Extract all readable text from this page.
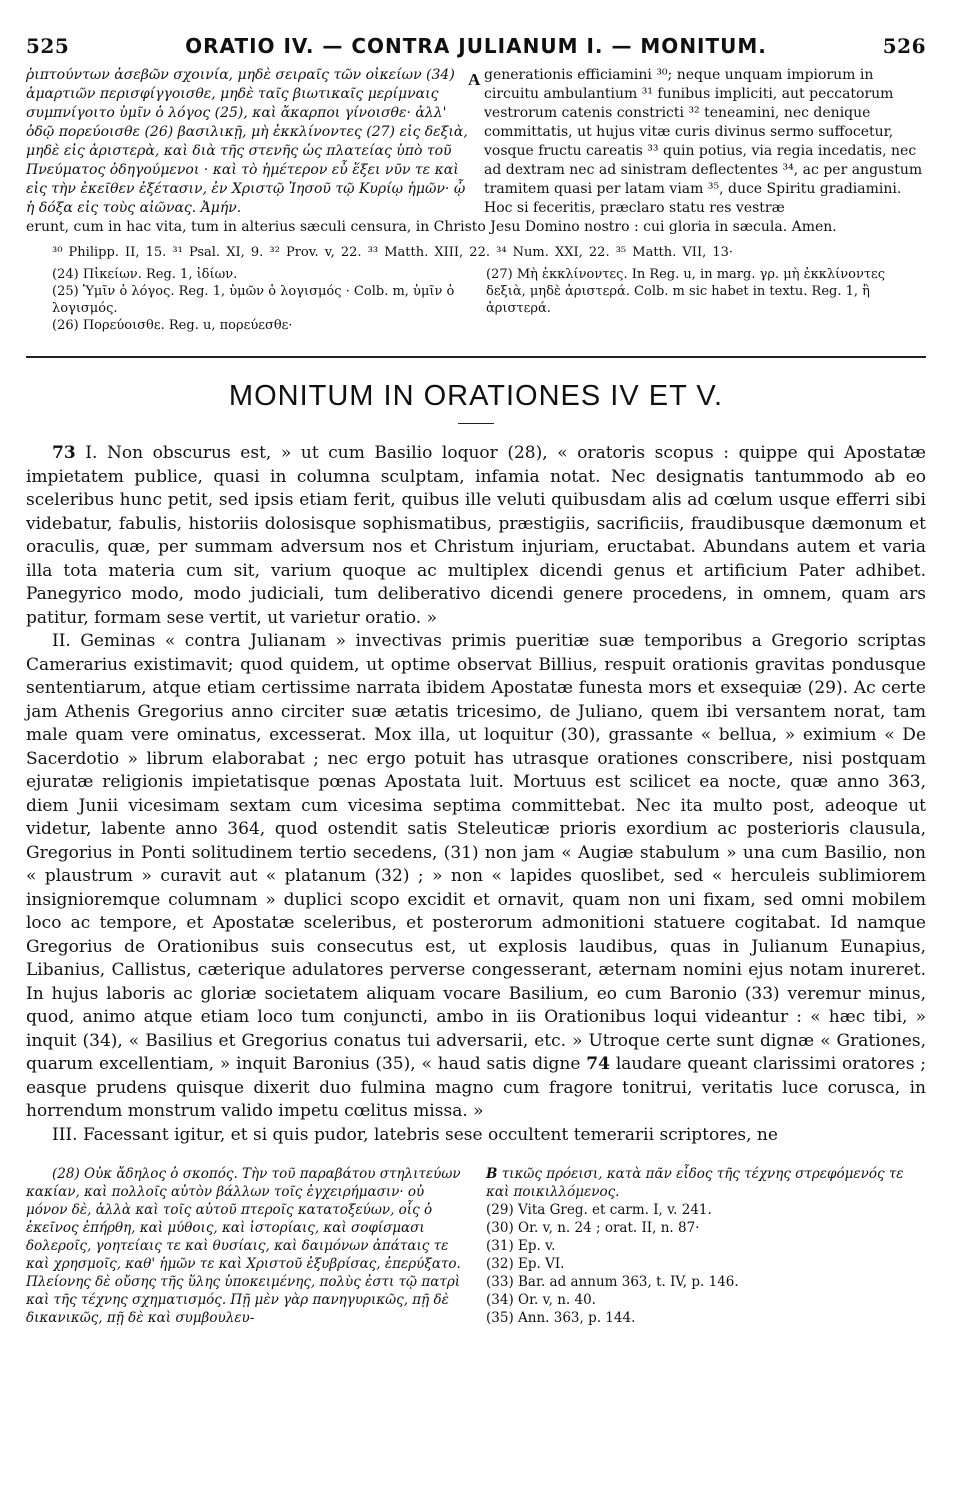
525	ORATIO IV. — CONTRA JULIANUM I. — MONITUM.	526

ῥιπτούντων ἀσεβῶν σχοινία, μηδὲ σειραῖς τῶν οἰκείων (34) ἁμαρτιῶν περισφίγγοισθε, μηδὲ ταῖς βιωτικαῖς μερίμναις συμπνίγοιτο ὑμῖν ὁ λόγος (25), καὶ ἄκαρποι γίνοισθε· ἀλλ' ὁδῷ πορεύοισθε (26) βασιλικῇ, μὴ ἐκκλίνοντες (27) εἰς δεξιὰ, μηδὲ εἰς ἀριστερὰ, καὶ διὰ τῆς στενῆς ὡς πλατείας ὑπὸ τοῦ Πνεύματος ὁδηγούμενοι · καὶ τὸ ἡμέτερον εὖ ἕξει νῦν τε καὶ εἰς τὴν ἐκεῖθεν ἐξέτασιν, ἐν Χριστῷ Ἰησοῦ τῷ Κυρίῳ ἡμῶν· ᾧ ἡ δόξα εἰς τοὺς αἰῶνας. Ἀμήν.

A generationis efficiamini ³⁰; neque unquam impiorum in circuitu ambulantium ³¹ funibus impliciti, aut peccatorum vestrorum catenis constricti ³² teneamini, nec denique committatis, ut hujus vitæ curis divinus sermo suffocetur, vosque fructu careatis ³³ quin potius, via regia incedatis, nec ad dextram nec ad sinistram deflectentes ³⁴, ac per angustum tramitem quasi per latam viam ³⁵, duce Spiritu gradiamini. Hoc si feceritis, præclaro statu res vestræ

erunt, cum in hac vita, tum in alterius sæculi censura, in Christo Jesu Domino nostro : cui gloria in sæcula. Amen.

³⁰ Philipp. II, 15. ³¹ Psal. XI, 9. ³² Prov. v, 22. ³³ Matth. XIII, 22. ³⁴ Num. XXI, 22. ³⁵ Matth. VII, 13·
(24) Πἰκείων. Reg. 1, ἰδίων.
(25) Ὑμῖν ὁ λόγος. Reg. 1, ὑμῶν ὁ λογισμός · Colb. m, ὑμῖν ὁ λογισμός.
(26) Πορεύοισθε. Reg. u, πορεύεσθε·
(27) Μὴ ἐκκλίνοντες. In Reg. u, in marg. γρ. μὴ ἐκκλίνοντες δεξιὰ, μηδὲ ἀριστερά. Colb. m sic habet in textu. Reg. 1, ἢ ἀριστερά.
MONITUM IN ORATIONES IV ET V.

73 I. Non obscurus est, » ut cum Basilio loquor (28), « oratoris scopus : quippe qui Apostatæ impietatem publice, quasi in columna sculptam, infamia notat. Nec designatis tantummodo ab eo sceleribus hunc petit, sed ipsis etiam ferit, quibus ille veluti quibusdam alis ad cœlum usque efferri sibi videbatur, fabulis, historiis dolosisque sophismatibus, præstigiis, sacrificiis, fraudibusque dæmonum et oraculis, quæ, per summam adversum nos et Christum injuriam, eructabat. Abundans autem et varia illa tota materia cum sit, varium quoque ac multiplex dicendi genus et artificium Pater adhibet. Panegyrico modo, modo judiciali, tum deliberativo dicendi genere procedens, in omnem, quam ars patitur, formam sese vertit, ut varietur oratio. »

II. Geminas « contra Julianam » invectivas primis pueritiæ suæ temporibus a Gregorio scriptas Camerarius existimavit; quod quidem, ut optime observat Billius, respuit orationis gravitas pondusque sententiarum, atque etiam certissime narrata ibidem Apostatæ funesta mors et exsequiæ (29). Ac certe jam Athenis Gregorius anno circiter suæ ætatis tricesimo, de Juliano, quem ibi versantem norat, tam male quam vere ominatus, excesserat. Mox illa, ut loquitur (30), grassante « bellua, » eximium « De Sacerdotio » librum elaborabat ; nec ergo potuit has utrasque orationes conscribere, nisi postquam ejuratæ religionis impietatisque pœnas Apostata luit. Mortuus est scilicet ea nocte, quæ anno 363, diem Junii vicesimam sextam cum vicesima septima committebat. Nec ita multo post, adeoque ut videtur, labente anno 364, quod ostendit satis Steleuticæ prioris exordium ac posterioris clausula, Gregorius in Ponti solitudinem tertio secedens, (31) non jam « Augiæ stabulum » una cum Basilio, non « plaustrum » curavit aut « platanum (32) ; » non « lapides quoslibet, sed « herculeis sublimiorem insignioremque columnam » duplici scopo excidit et ornavit, quam non uni fixam, sed omni mobilem loco ac tempore, et Apostatæ sceleribus, et posterorum admonitioni statuere cogitabat. Id namque Gregorius de Orationibus suis consecutus est, ut explosis laudibus, quas in Julianum Eunapius, Libanius, Callistus, cæterique adulatores perverse congesserant, æternam nomini ejus notam inureret. In hujus laboris ac gloriæ societatem aliquam vocare Basilium, eo cum Baronio (33) veremur minus, quod, animo atque etiam loco tum conjuncti, ambo in iis Orationibus loqui videantur : « hæc tibi, » inquit (34), « Basilius et Gregorius conatus tui adversarii, etc. » Utroque certe sunt dignæ « Grationes, quarum excellentiam, » inquit Baronius (35), « haud satis digne 74 laudare queant clarissimi oratores ; easque prudens quisque dixerit duo fulmina magno cum fragore tonitrui, veritatis luce corusca, in horrendum monstrum valido impetu cœlitus missa. »

III. Facessant igitur, et si quis pudor, latebris sese occultent temerarii scriptores, ne

(28) Οὐκ ἄδηλος ὁ σκοπός. Τὴν τοῦ παραβάτου στηλιτεύων κακίαν, καὶ πολλοῖς αὐτὸν βάλλων τοῖς ἐγχειρήμασιν· οὐ μόνον δὲ, ἀλλὰ καὶ τοῖς αὐτοῦ πτεροῖς κατατοξεύων, οἷς ὁ ἐκεῖνος ἐπήρθη, καὶ μύθοις, καὶ ἱστορίαις, καὶ σοφίσμασι δολεροῖς, γοητείαις τε καὶ θυσίαις, καὶ δαιμόνων ἀπάταις τε καὶ χρησμοῖς, καθ' ἡμῶν τε καὶ Χριστοῦ ἐξυβρίσας, ἐπερύξατο. Πλείονης δὲ οὔσης τῆς ὕλης ὑποκειμένης, πολὺς ἐστι τῷ πατρὶ καὶ τῆς τέχνης σχηματισμός. Πῇ μὲν γὰρ πανηγυρικῶς, πῇ δὲ δικανικῶς, πῇ δὲ καὶ συμβουλευ-
B τικῶς πρόεισι, κατὰ πᾶν εἶδος τῆς τέχνης στρεφόμενός τε καὶ ποικιλλόμενος.
(29) Vita Greg. et carm. I, v. 241.
(30) Or. v, n. 24 ; orat. II, n. 87·
(31) Ep. v.
(32) Ep. VI.
(33) Bar. ad annum 363, t. IV, p. 146.
(34) Or. v, n. 40.
(35) Ann. 363, p. 144.
